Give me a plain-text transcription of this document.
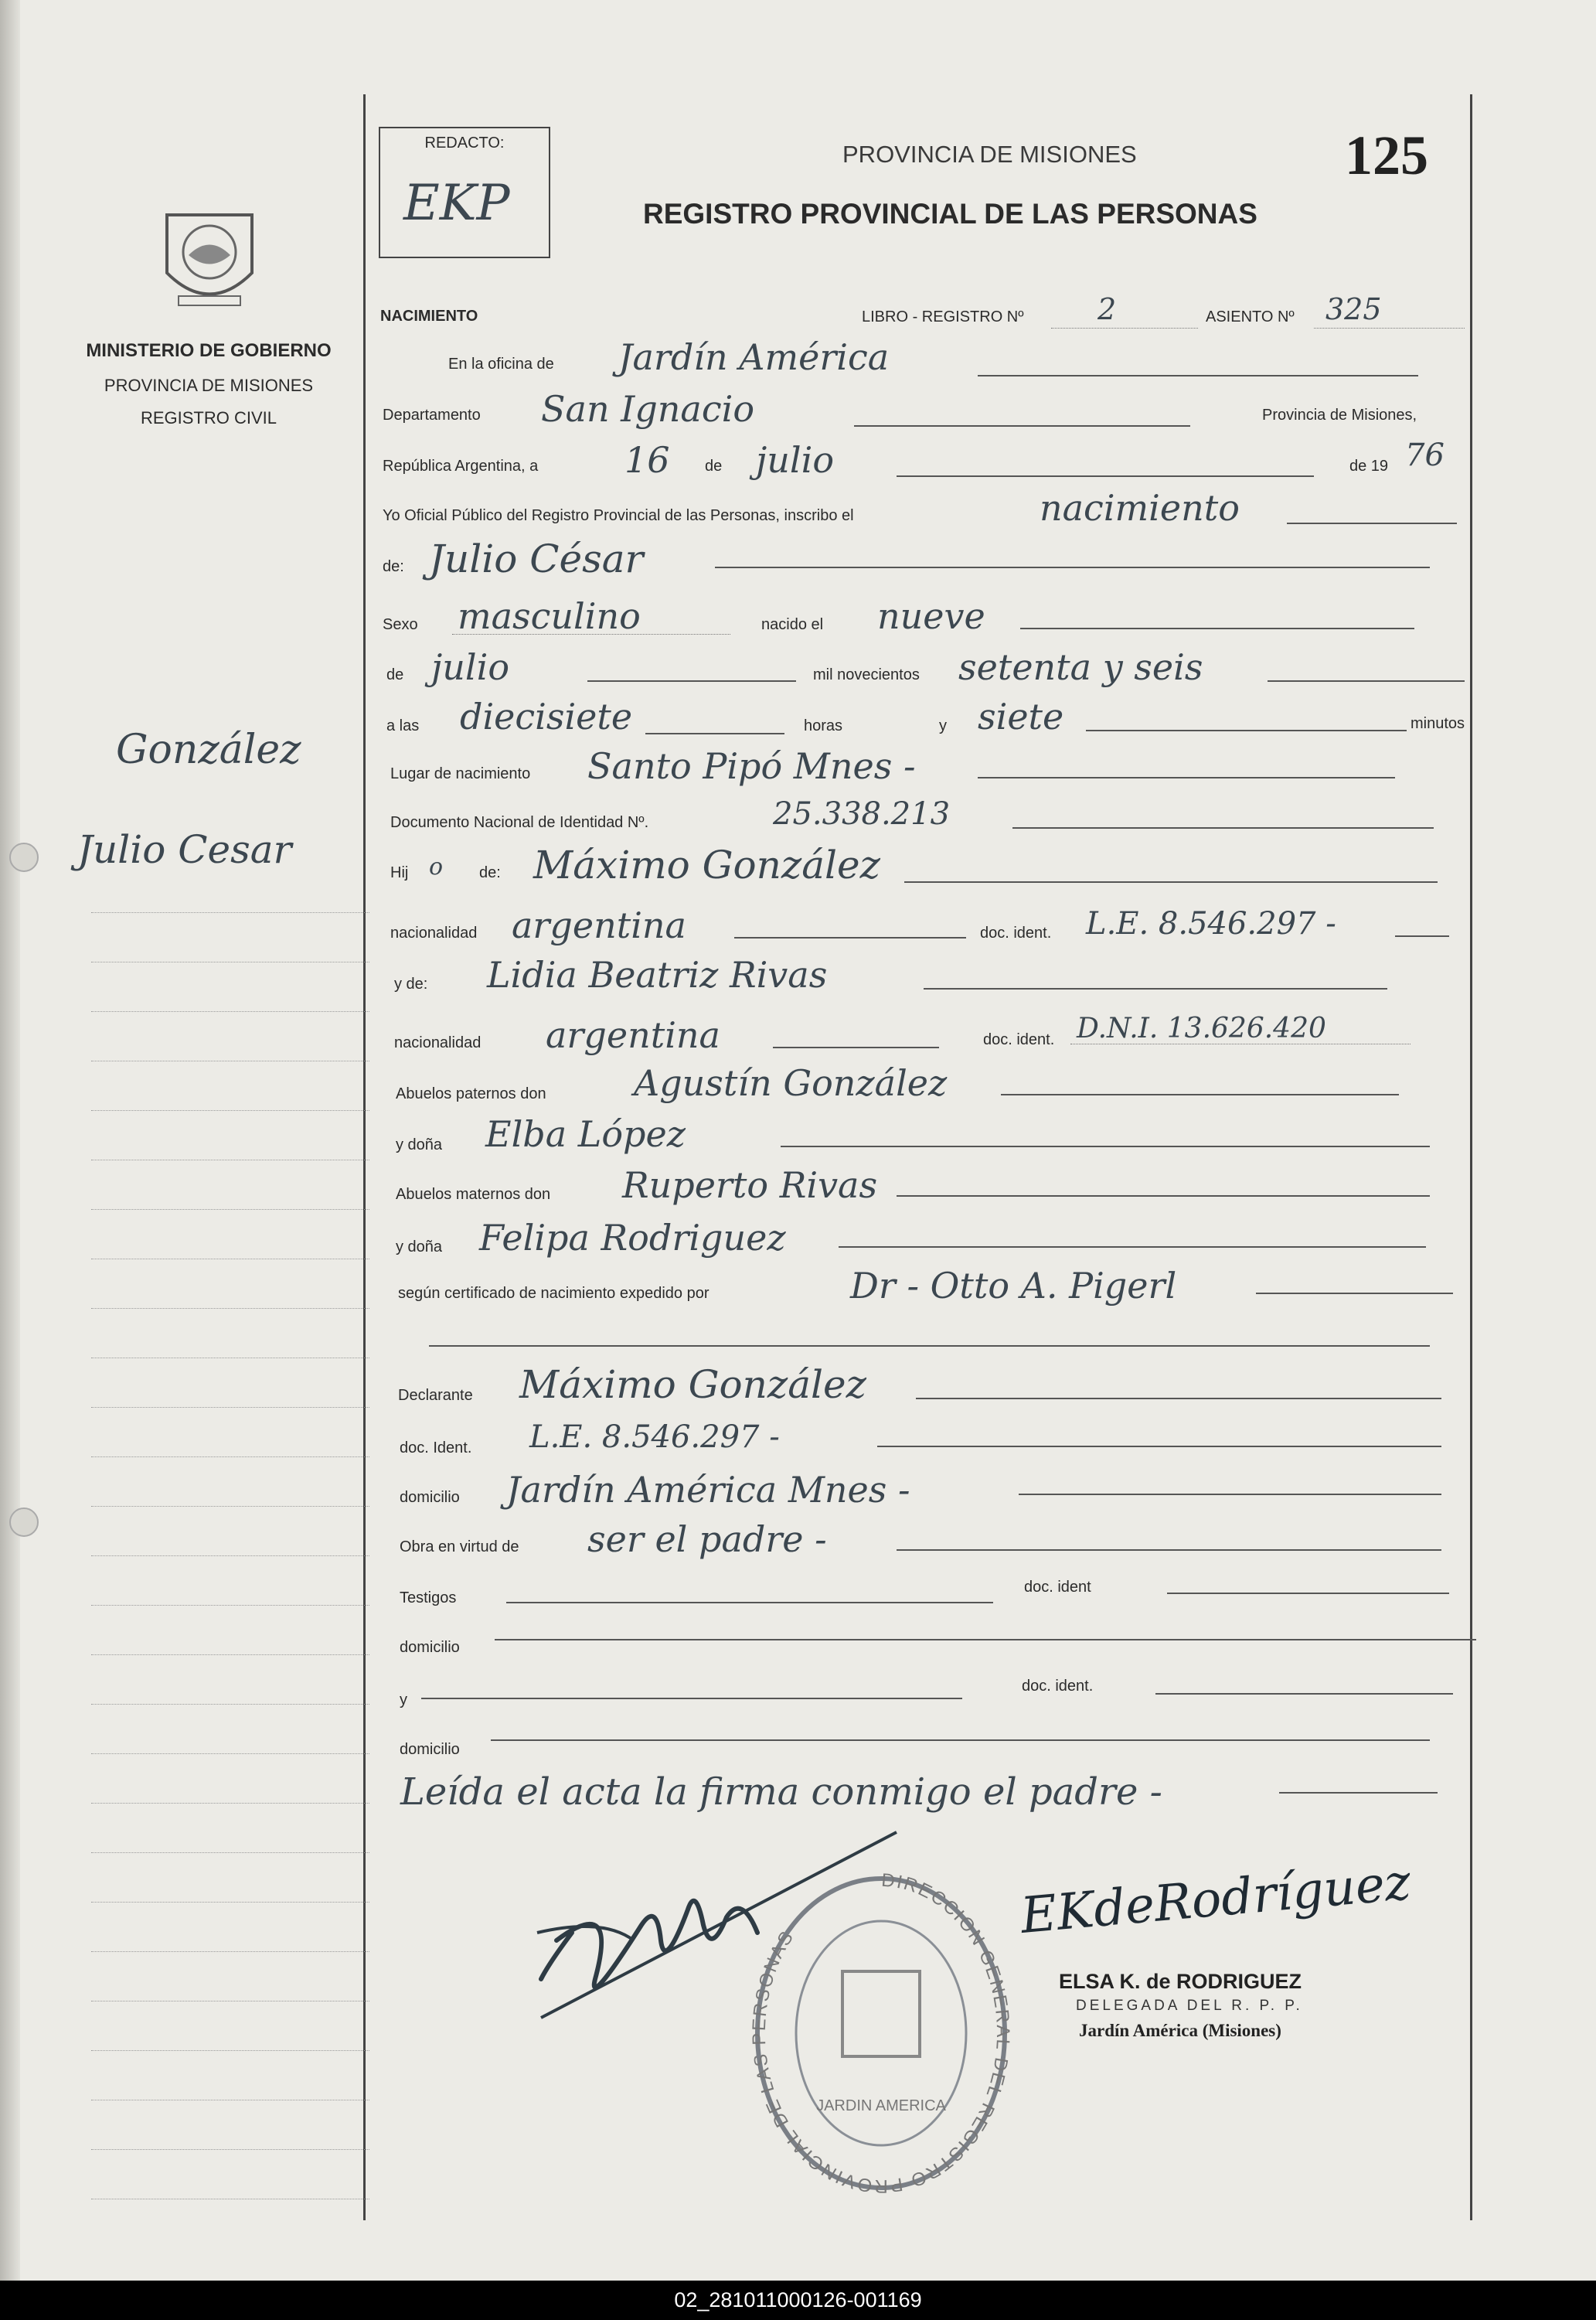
MINISTERIO DE GOBIERNO
PROVINCIA DE MISIONES
REGISTRO CIVIL
González
Julio Cesar
REDACTO:
EKP
PROVINCIA DE MISIONES	125
REGISTRO PROVINCIAL DE LAS PERSONAS
NACIMIENTO	LIBRO - REGISTRO Nº	2	ASIENTO Nº 325
En la oficina de Jardín América
Departamento San Ignacio	Provincia de Misiones,
República Argentina, a 16 de julio	de 19 76
Yo Oficial Público del Registro Provincial de las Personas, inscribo el	nacimiento
de: Julio César
Sexo masculino	nacido el nueve
de julio	mil novecientos setenta y seis
a las diecisiete	horas	y siete	minutos
Lugar de nacimiento Santo Pipó Mnes -
Documento Nacional de Identidad Nº.	25.338.213
Hij o de: Máximo González
nacionalidad argentina	doc. ident. L.E. 8.546.297 -
y de: Lidia Beatriz Rivas
nacionalidad argentina	doc. ident. D.N.I. 13.626.420
Abuelos paternos don Agustín González
y doña Elba López
Abuelos maternos don Ruperto Rivas
y doña Felipa Rodriguez
según certificado de nacimiento expedido por	Dr - Otto A. Pigerl
Declarante Máximo González
doc. Ident. L.E. 8.546.297 -
domicilio Jardín América Mnes -
Obra en virtud de ser el padre -
Testigos
doc. ident
domicilio
y
doc. ident.
domicilio
Leída el acta la firma conmigo el padre -
DIRECCION GENERAL DEL REGISTRO PROVINCIAL DE LAS PERSONAS
JARDIN AMERICA
EKdeRodríguez
ELSA K. de RODRIGUEZ
DELEGADA DEL R. P. P.
Jardín América (Misiones)
02_281011000126-001169
